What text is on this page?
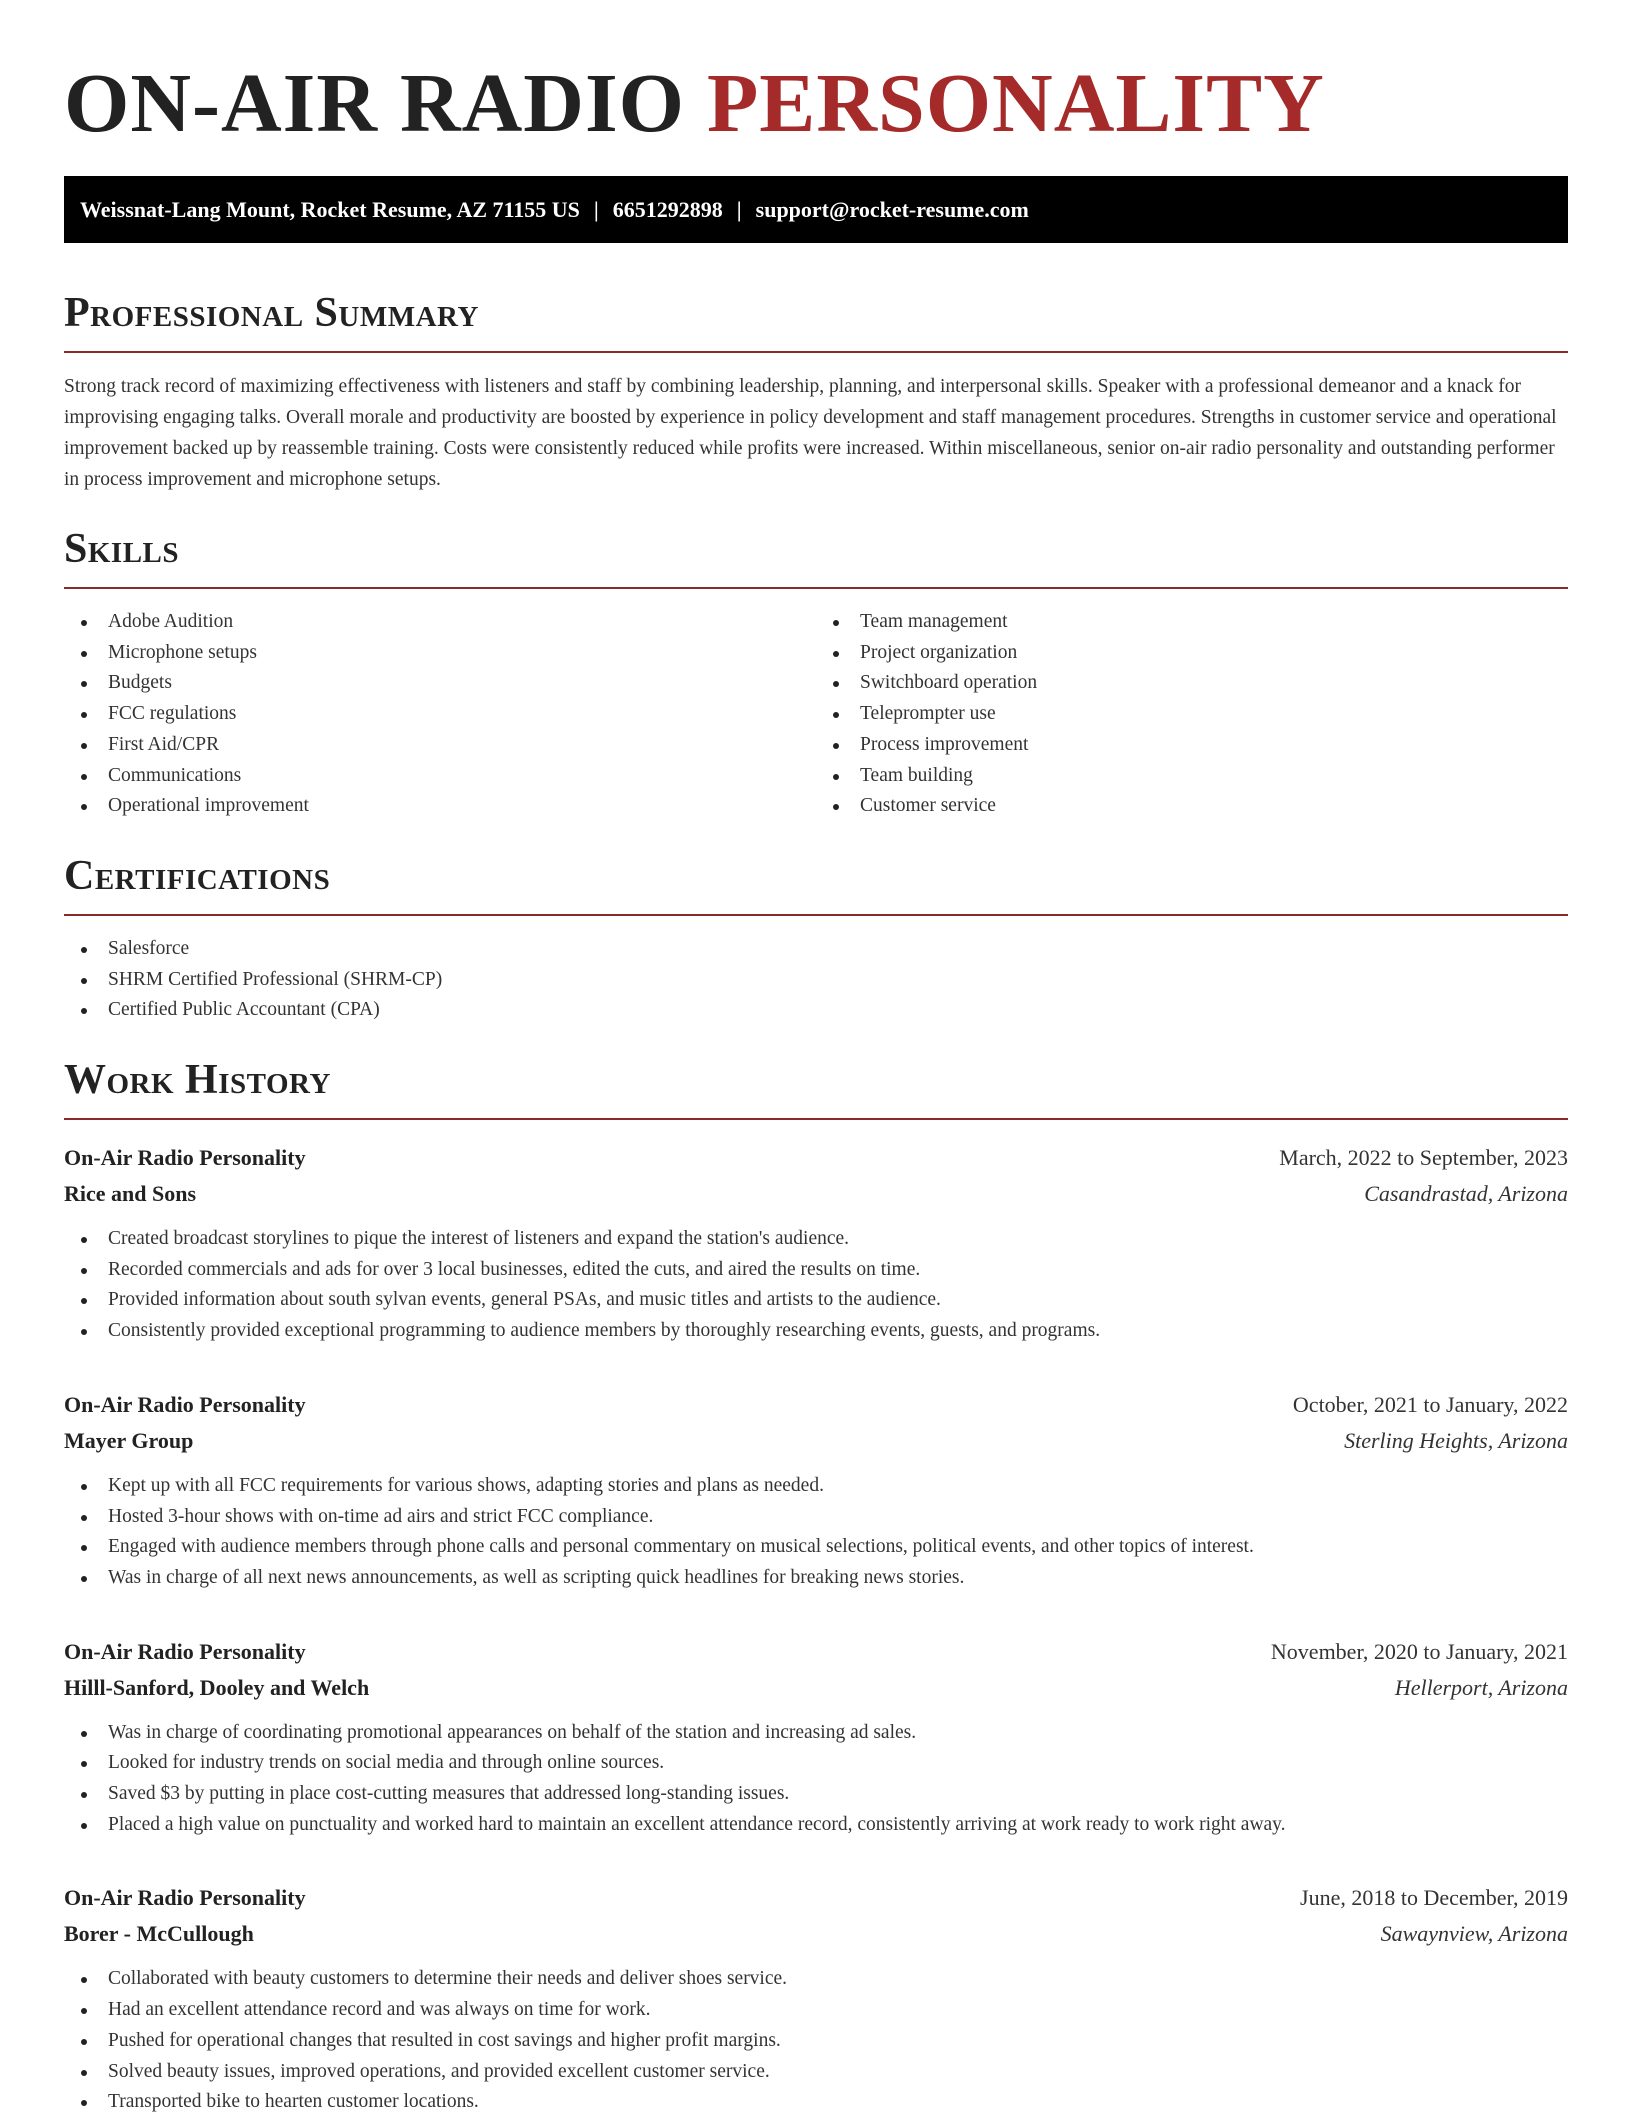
ON-AIR RADIO PERSONALITY
Weissnat-Lang Mount, Rocket Resume, AZ 71155 US | 6651292898 | support@rocket-resume.com
Professional Summary

Strong track record of maximizing effectiveness with listeners and staff by combining leadership, planning, and interpersonal skills. Speaker with a professional demeanor and a knack for improvising engaging talks. Overall morale and productivity are boosted by experience in policy development and staff management procedures. Strengths in customer service and operational improvement backed up by reassemble training. Costs were consistently reduced while profits were increased. Within miscellaneous, senior on-air radio personality and outstanding performer in process improvement and microphone setups.

Skills
Adobe Audition
Microphone setups
Budgets
FCC regulations
First Aid/CPR
Communications
Operational improvement
Team management
Project organization
Switchboard operation
Teleprompter use
Process improvement
Team building
Customer service
Certifications
Salesforce
SHRM Certified Professional (SHRM-CP)
Certified Public Accountant (CPA)
Work History
On-Air Radio Personality	March, 2022 to September, 2023
Rice and Sons	Casandrastad, Arizona
Created broadcast storylines to pique the interest of listeners and expand the station's audience.
Recorded commercials and ads for over 3 local businesses, edited the cuts, and aired the results on time.
Provided information about south sylvan events, general PSAs, and music titles and artists to the audience.
Consistently provided exceptional programming to audience members by thoroughly researching events, guests, and programs.
On-Air Radio Personality	October, 2021 to January, 2022
Mayer Group	Sterling Heights, Arizona
Kept up with all FCC requirements for various shows, adapting stories and plans as needed.
Hosted 3-hour shows with on-time ad airs and strict FCC compliance.
Engaged with audience members through phone calls and personal commentary on musical selections, political events, and other topics of interest.
Was in charge of all next news announcements, as well as scripting quick headlines for breaking news stories.
On-Air Radio Personality	November, 2020 to January, 2021
Hilll-Sanford, Dooley and Welch	Hellerport, Arizona
Was in charge of coordinating promotional appearances on behalf of the station and increasing ad sales.
Looked for industry trends on social media and through online sources.
Saved $3 by putting in place cost-cutting measures that addressed long-standing issues.
Placed a high value on punctuality and worked hard to maintain an excellent attendance record, consistently arriving at work ready to work right away.
On-Air Radio Personality	June, 2018 to December, 2019
Borer - McCullough	Sawaynview, Arizona
Collaborated with beauty customers to determine their needs and deliver shoes service.
Had an excellent attendance record and was always on time for work.
Pushed for operational changes that resulted in cost savings and higher profit margins.
Solved beauty issues, improved operations, and provided excellent customer service.
Transported bike to hearten customer locations.
